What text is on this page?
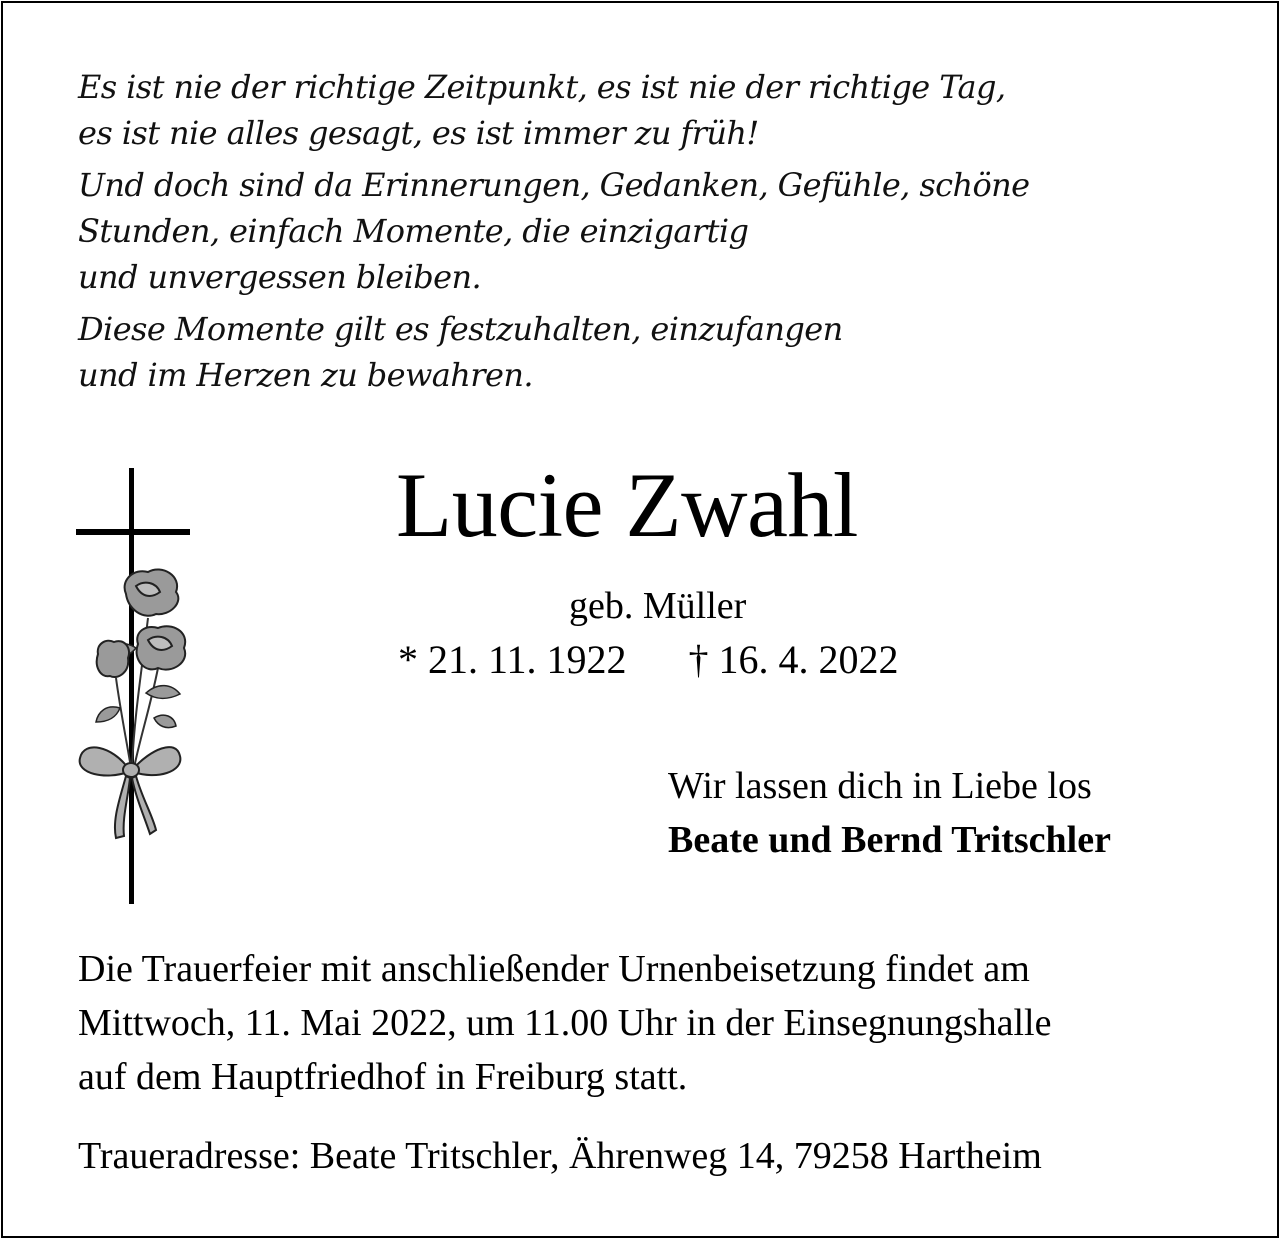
Es ist nie der richtige Zeitpunkt, es ist nie der richtige Tag,
es ist nie alles gesagt, es ist immer zu früh!
Und doch sind da Erinnerungen, Gedanken, Gefühle, schöne
Stunden, einfach Momente, die einzigartig
und unvergessen bleiben.
Diese Momente gilt es festzuhalten, einzufangen
und im Herzen zu bewahren.
Lucie Zwahl
geb. Müller
* 21. 11. 1922 † 16. 4. 2022
Wir lassen dich in Liebe los
Beate und Bernd Tritschler
Die Trauerfeier mit anschließender Urnenbeisetzung findet am
Mittwoch, 11. Mai 2022, um 11.00 Uhr in der Einsegnungshalle
auf dem Hauptfriedhof in Freiburg statt.
Traueradresse: Beate Tritschler, Ährenweg 14, 79258 Hartheim
